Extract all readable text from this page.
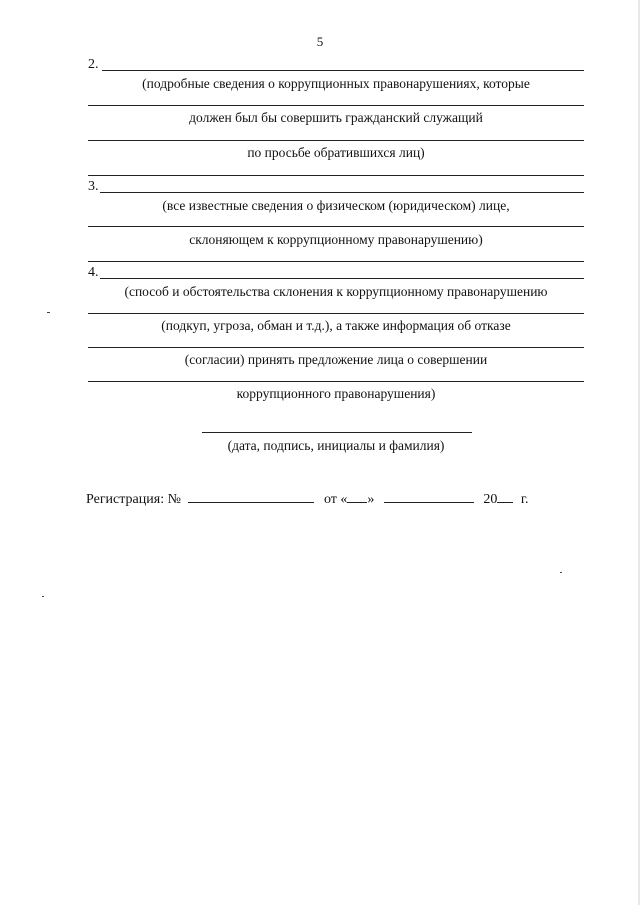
5
2.
(подробные сведения о коррупционных правонарушениях, которые
должен был бы совершить гражданский служащий
по просьбе обратившихся лиц)
3.
(все известные сведения о физическом (юридическом) лице,
склоняющем к коррупционному правонарушению)
4.
(способ и обстоятельства склонения к коррупционному правонарушению
(подкуп, угроза, обман и т.д.), а также информация об отказе
(согласии) принять предложение лица о совершении
коррупционного правонарушения)
(дата, подпись, инициалы и фамилия)
Регистрация: №	от « »	20 г.
